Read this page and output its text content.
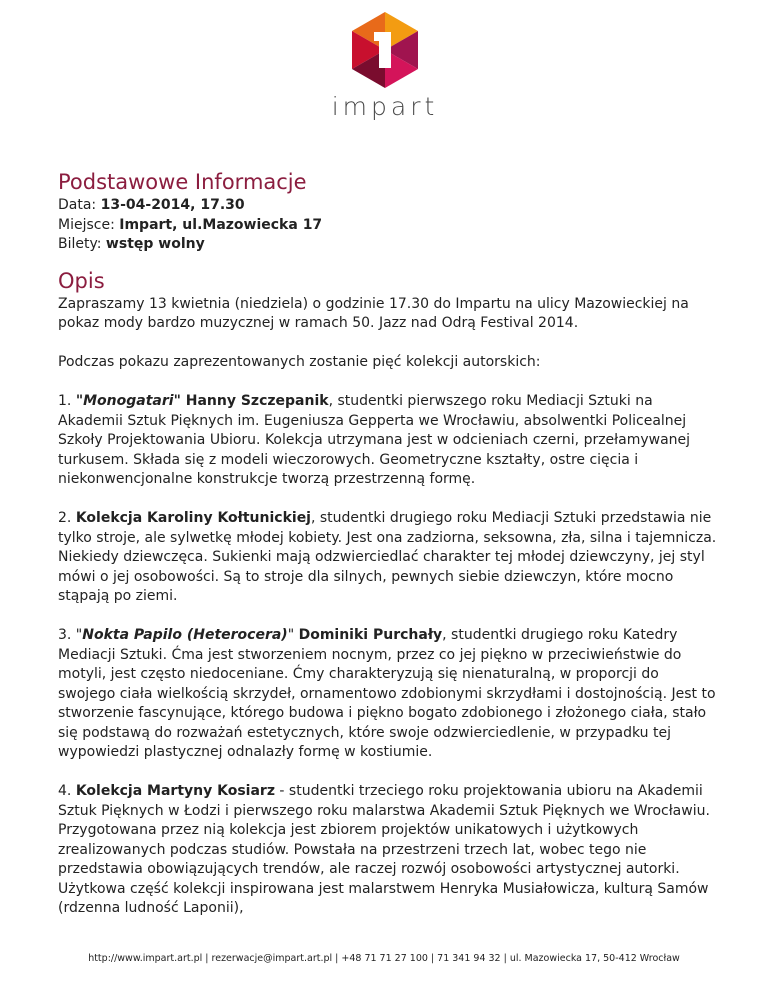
impart
Podstawowe Informacje

Data: 13-04-2014, 17.30

Miejsce: Impart, ul.Mazowiecka 17

Bilety: wstęp wolny

Opis

Zapraszamy 13 kwietnia (niedziela) o godzinie 17.30 do Impartu na ulicy Mazowieckiej na pokaz mody bardzo muzycznej w ramach 50. Jazz nad Odrą Festival 2014.

Podczas pokazu zaprezentowanych zostanie pięć kolekcji autorskich:

1. "Monogatari" Hanny Szczepanik, studentki pierwszego roku Mediacji Sztuki na Akademii Sztuk Pięknych im. Eugeniusza Gepperta we Wrocławiu, absolwentki Policealnej Szkoły Projektowania Ubioru. Kolekcja utrzymana jest w odcieniach czerni, przełamywanej turkusem. Składa się z modeli wieczorowych. Geometryczne kształty, ostre cięcia i niekonwencjonalne konstrukcje tworzą przestrzenną formę.

2. Kolekcja Karoliny Kołtunickiej, studentki drugiego roku Mediacji Sztuki przedstawia nie tylko stroje, ale sylwetkę młodej kobiety. Jest ona zadziorna, seksowna, zła, silna i tajemnicza. Niekiedy dziewczęca. Sukienki mają odzwierciedlać charakter tej młodej dziewczyny, jej styl mówi o jej osobowości. Są to stroje dla silnych, pewnych siebie dziewczyn, które mocno stąpają po ziemi.

3. "Nokta Papilo (Heterocera)" Dominiki Purchały, studentki drugiego roku Katedry Mediacji Sztuki. Ćma jest stworzeniem nocnym, przez co jej piękno w przeciwieństwie do motyli, jest często niedoceniane. Ćmy charakteryzują się nienaturalną, w proporcji do swojego ciała wielkością skrzydeł, ornamentowo zdobionymi skrzydłami i dostojnością. Jest to stworzenie fascynujące, którego budowa i piękno bogato zdobionego i złożonego ciała, stało się podstawą do rozważań estetycznych, które swoje odzwierciedlenie, w przypadku tej wypowiedzi plastycznej odnalazły formę w kostiumie.

4. Kolekcja Martyny Kosiarz - studentki trzeciego roku projektowania ubioru na Akademii Sztuk Pięknych w Łodzi i pierwszego roku malarstwa Akademii Sztuk Pięknych we Wrocławiu. Przygotowana przez nią kolekcja jest zbiorem projektów unikatowych i użytkowych zrealizowanych podczas studiów. Powstała na przestrzeni trzech lat, wobec tego nie przedstawia obowiązujących trendów, ale raczej rozwój osobowości artystycznej autorki. Użytkowa część kolekcji inspirowana jest malarstwem Henryka Musiałowicza, kulturą Samów (rdzenna ludność Laponii),

http://www.impart.art.pl | rezerwacje@impart.art.pl | +48 71 71 27 100 | 71 341 94 32 | ul. Mazowiecka 17, 50-412 Wrocław
